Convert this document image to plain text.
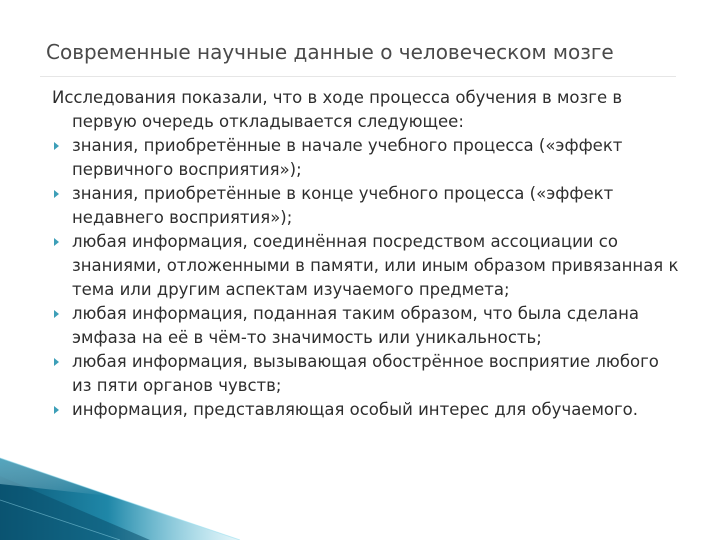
Современные научные данные о человеческом мозге

Исследования показали, что в ходе процесса обучения в мозге в первую очередь откладывается следующее:

знания, приобретённые в начале учебного процесса («эффект первичного восприятия»);
знания, приобретённые в конце учебного процесса («эффект недавнего восприятия»);
любая информация, соединённая посредством ассоциации со знаниями, отложенными в памяти, или иным образом привязанная к тема или другим аспектам изучаемого предмета;
любая информация, поданная таким образом, что была сделана эмфаза на её в чём-то значимость или уникальность;
любая информация, вызывающая обострённое восприятие любого из пяти органов чувств;
информация, представляющая особый интерес для обучаемого.
